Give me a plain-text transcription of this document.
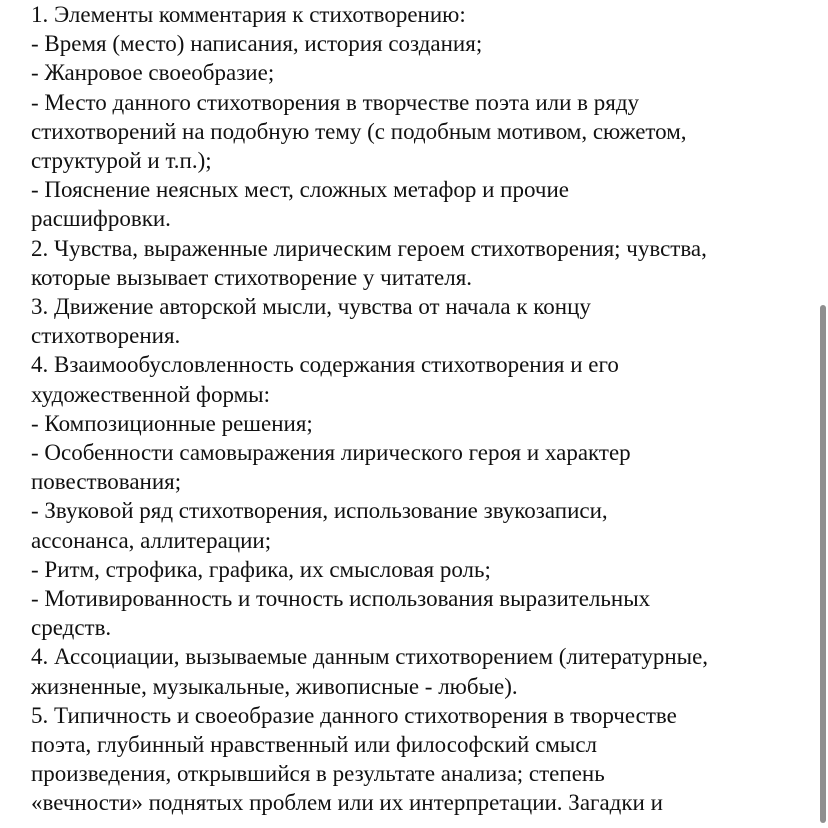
1. Элементы комментария к стихотворению:
- Время (место) написания, история создания;
- Жанровое своеобразие;
- Место данного стихотворения в творчестве поэта или в ряду
стихотворений на подобную тему (с подобным мотивом, сюжетом,
структурой и т.п.);
- Пояснение неясных мест, сложных метафор и прочие
расшифровки.
2. Чувства, выраженные лирическим героем стихотворения; чувства,
которые вызывает стихотворение у читателя.
3. Движение авторской мысли, чувства от начала к концу
стихотворения.
4. Взаимообусловленность содержания стихотворения и его
художественной формы:
- Композиционные решения;
- Особенности самовыражения лирического героя и характер
повествования;
- Звуковой ряд стихотворения, использование звукозаписи,
ассонанса, аллитерации;
- Ритм, строфика, графика, их смысловая роль;
- Мотивированность и точность использования выразительных
средств.
4. Ассоциации, вызываемые данным стихотворением (литературные,
жизненные, музыкальные, живописные - любые).
5. Типичность и своеобразие данного стихотворения в творчестве
поэта, глубинный нравственный или философский смысл
произведения, открывшийся в результате анализа; степень
«вечности» поднятых проблем или их интерпретации. Загадки и
